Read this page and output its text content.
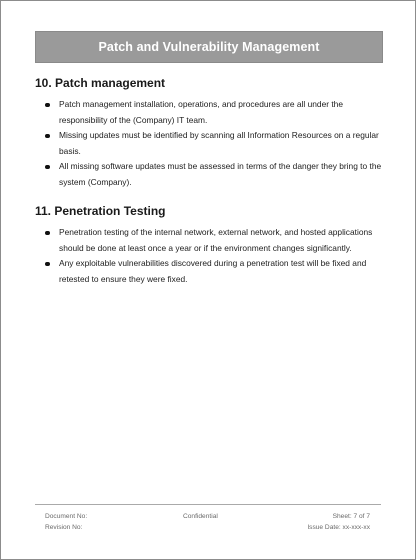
Patch and Vulnerability Management
10. Patch management
Patch management installation, operations, and procedures are all under the
responsibility of the (Company) IT team.
Missing updates must be identified by scanning all Information Resources on a regular
basis.
All missing software updates must be assessed in terms of the danger they bring to the
system (Company).
11. Penetration Testing
Penetration testing of the internal network, external network, and hosted applications
should be done at least once a year or if the environment changes significantly.
Any exploitable vulnerabilities discovered during a penetration test will be fixed and
retested to ensure they were fixed.
Document No:
Revision No:
Confidential	Sheet: 7 of 7
Issue Date: xx-xxx-xx
